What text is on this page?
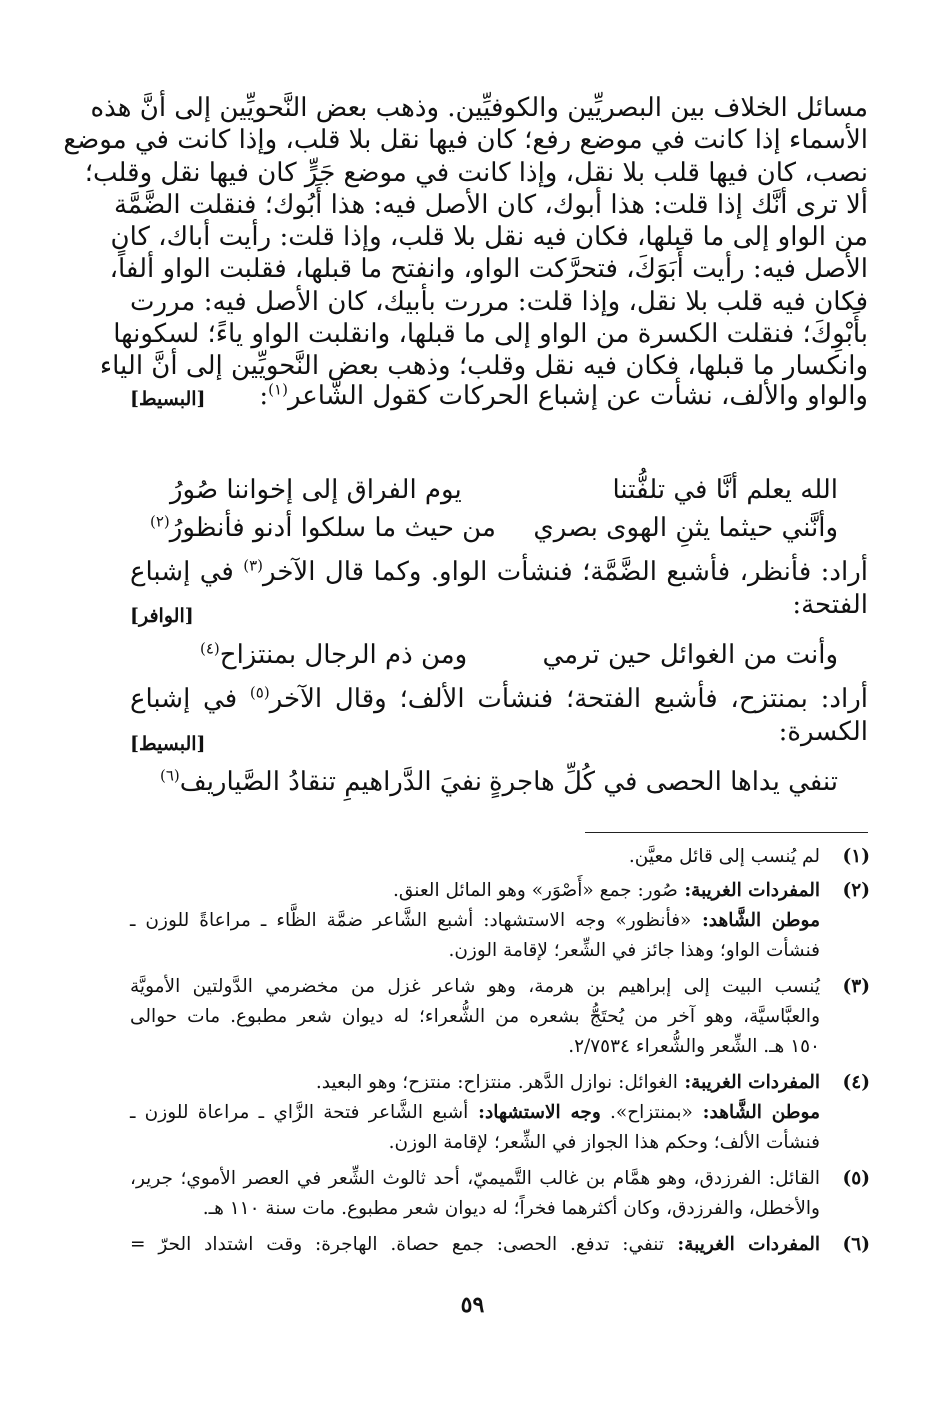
مسائل الخلاف بين البصريِّين والكوفيِّين. وذهب بعض النَّحويِّين إلى أنَّ هذه
الأسماء إذا كانت في موضع رفع؛ كان فيها نقل بلا قلب، وإذا كانت في موضع
نصب، كان فيها قلب بلا نقل، وإذا كانت في موضع جَرٍّ كان فيها نقل وقلب؛
ألا ترى أنَّك إذا قلت: هذا أبوك، كان الأصل فيه: هذا أَبُوك؛ فنقلت الضَّمَّة
من الواو إلى ما قبلها، فكان فيه نقل بلا قلب، وإذا قلت: رأيت أباك، كان
الأصل فيه: رأيت أَبَوَكَ، فتحرَّكت الواو، وانفتح ما قبلها، فقلبت الواو ألفاً،
فكان فيه قلب بلا نقل، وإذا قلت: مررت بأبيك، كان الأصل فيه: مررت
بأَبْوِكَ؛ فنقلت الكسرة من الواو إلى ما قبلها، وانقلبت الواو ياءً؛ لسكونها
وانكسار ما قبلها، فكان فيه نقل وقلب؛ وذهب بعض النَّحويِّين إلى أنَّ الياء
والواو والألف، نشأت عن إشباع الحركات كقول الشَّاعر$^{(١)}$:
[البسيط]
الله يعلم أنَّا في تلفُّتنا
يوم الفراق إلى إخواننا صُورُ
وأنَّني حيثما يثنِ الهوى بصري
من حيث ما سلكوا أدنو فأنظورُ$^{(٢)}$
أراد: فأنظر، فأشبع الضَّمَّة؛ فنشأت الواو. وكما قال الآخر$^{(٣)}$ في إشباع
الفتحة:
[الوافر]
وأنت من الغوائل حين ترمي
ومن ذم الرجال بمنتزاح$^{(٤)}$
أراد: بمنتزح، فأشبع الفتحة؛ فنشأت الألف؛ وقال الآخر$^{(٥)}$ في إشباع
الكسرة:
[البسيط]
تنفي يداها الحصى في كُلِّ هاجرةٍ
نفيَ الدَّراهيمِ تنقادُ الصَّياريف$^{(٦)}$
(١)
لم يُنسب إلى قائل معيَّن.
(٢)
المفردات الغريبة: صُور: جمع «أَصْوَر» وهو المائل العنق.
موطن الشَّاهد: «فأنظور» وجه الاستشهاد: أشبع الشَّاعر ضمَّة الظَّاء ـ مراعاةً للوزن ـ
فنشأت الواو؛ وهذا جائز في الشِّعر؛ لإقامة الوزن.
(٣)
يُنسب البيت إلى إبراهيم بن هرمة، وهو شاعر غزل من مخضرمي الدَّولتين الأمويَّة
والعبَّاسيَّة، وهو آخر من يُحتَجُّ بشعره من الشُّعراء؛ له ديوان شعر مطبوع. مات حوالى
١٥٠ هـ. الشِّعر والشُّعراء ٢/٧٥٣٤.
(٤)
المفردات الغريبة: الغوائل: نوازل الدَّهر. منتزاح: منتزح؛ وهو البعيد.
موطن الشَّاهد: «بمنتزاح». وجه الاستشهاد: أشبع الشَّاعر فتحة الزَّاي ـ مراعاة للوزن ـ
فنشأت الألف؛ وحكم هذا الجواز في الشِّعر؛ لإقامة الوزن.
(٥)
القائل: الفرزدق، وهو همَّام بن غالب التَّميميّ، أحد ثالوث الشِّعر في العصر الأموي؛ جرير،
والأخطل، والفرزدق، وكان أكثرهما فخراً؛ له ديوان شعر مطبوع. مات سنة ١١٠ هـ.
(٦)
المفردات الغريبة: تنفي: تدفع. الحصى: جمع حصاة. الهاجرة: وقت اشتداد الحرّ =
٥٩
